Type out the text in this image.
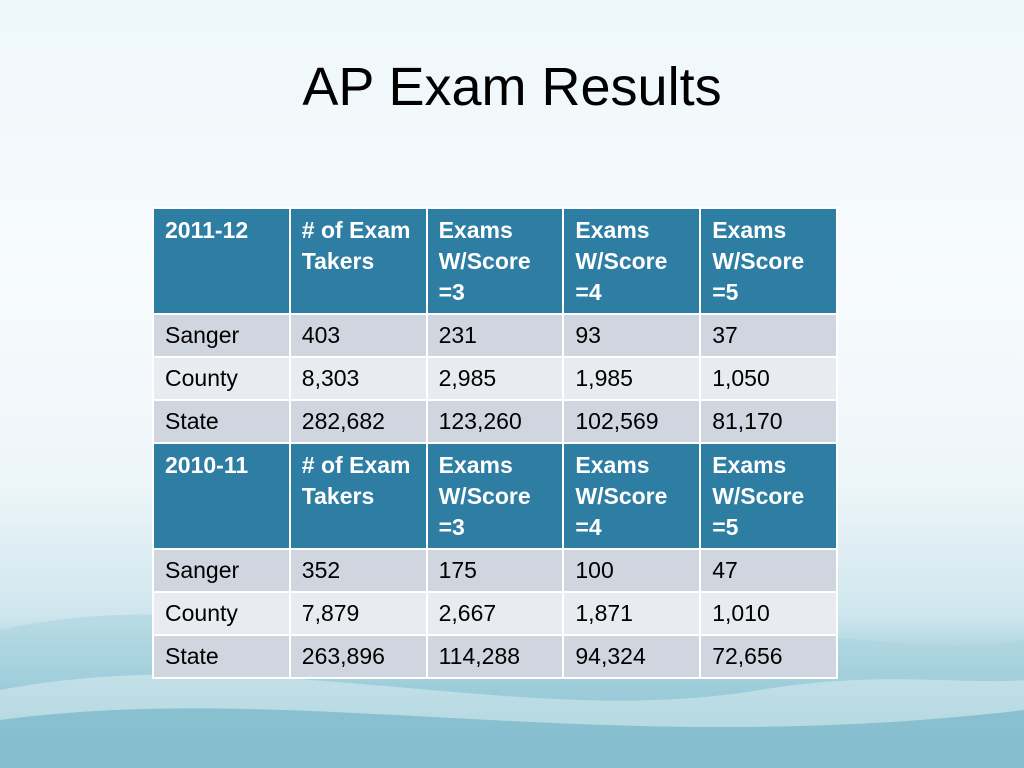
AP Exam Results
2011-12	# of Exam Takers	Exams W/Score =3	Exams W/Score =4	Exams W/Score =5
Sanger	403	231	93	37
County	8,303	2,985	1,985	1,050
State	282,682	123,260	102,569	81,170
2010-11	# of Exam Takers	Exams W/Score =3	Exams W/Score =4	Exams W/Score =5
Sanger	352	175	100	47
County	7,879	2,667	1,871	1,010
State	263,896	114,288	94,324	72,656
